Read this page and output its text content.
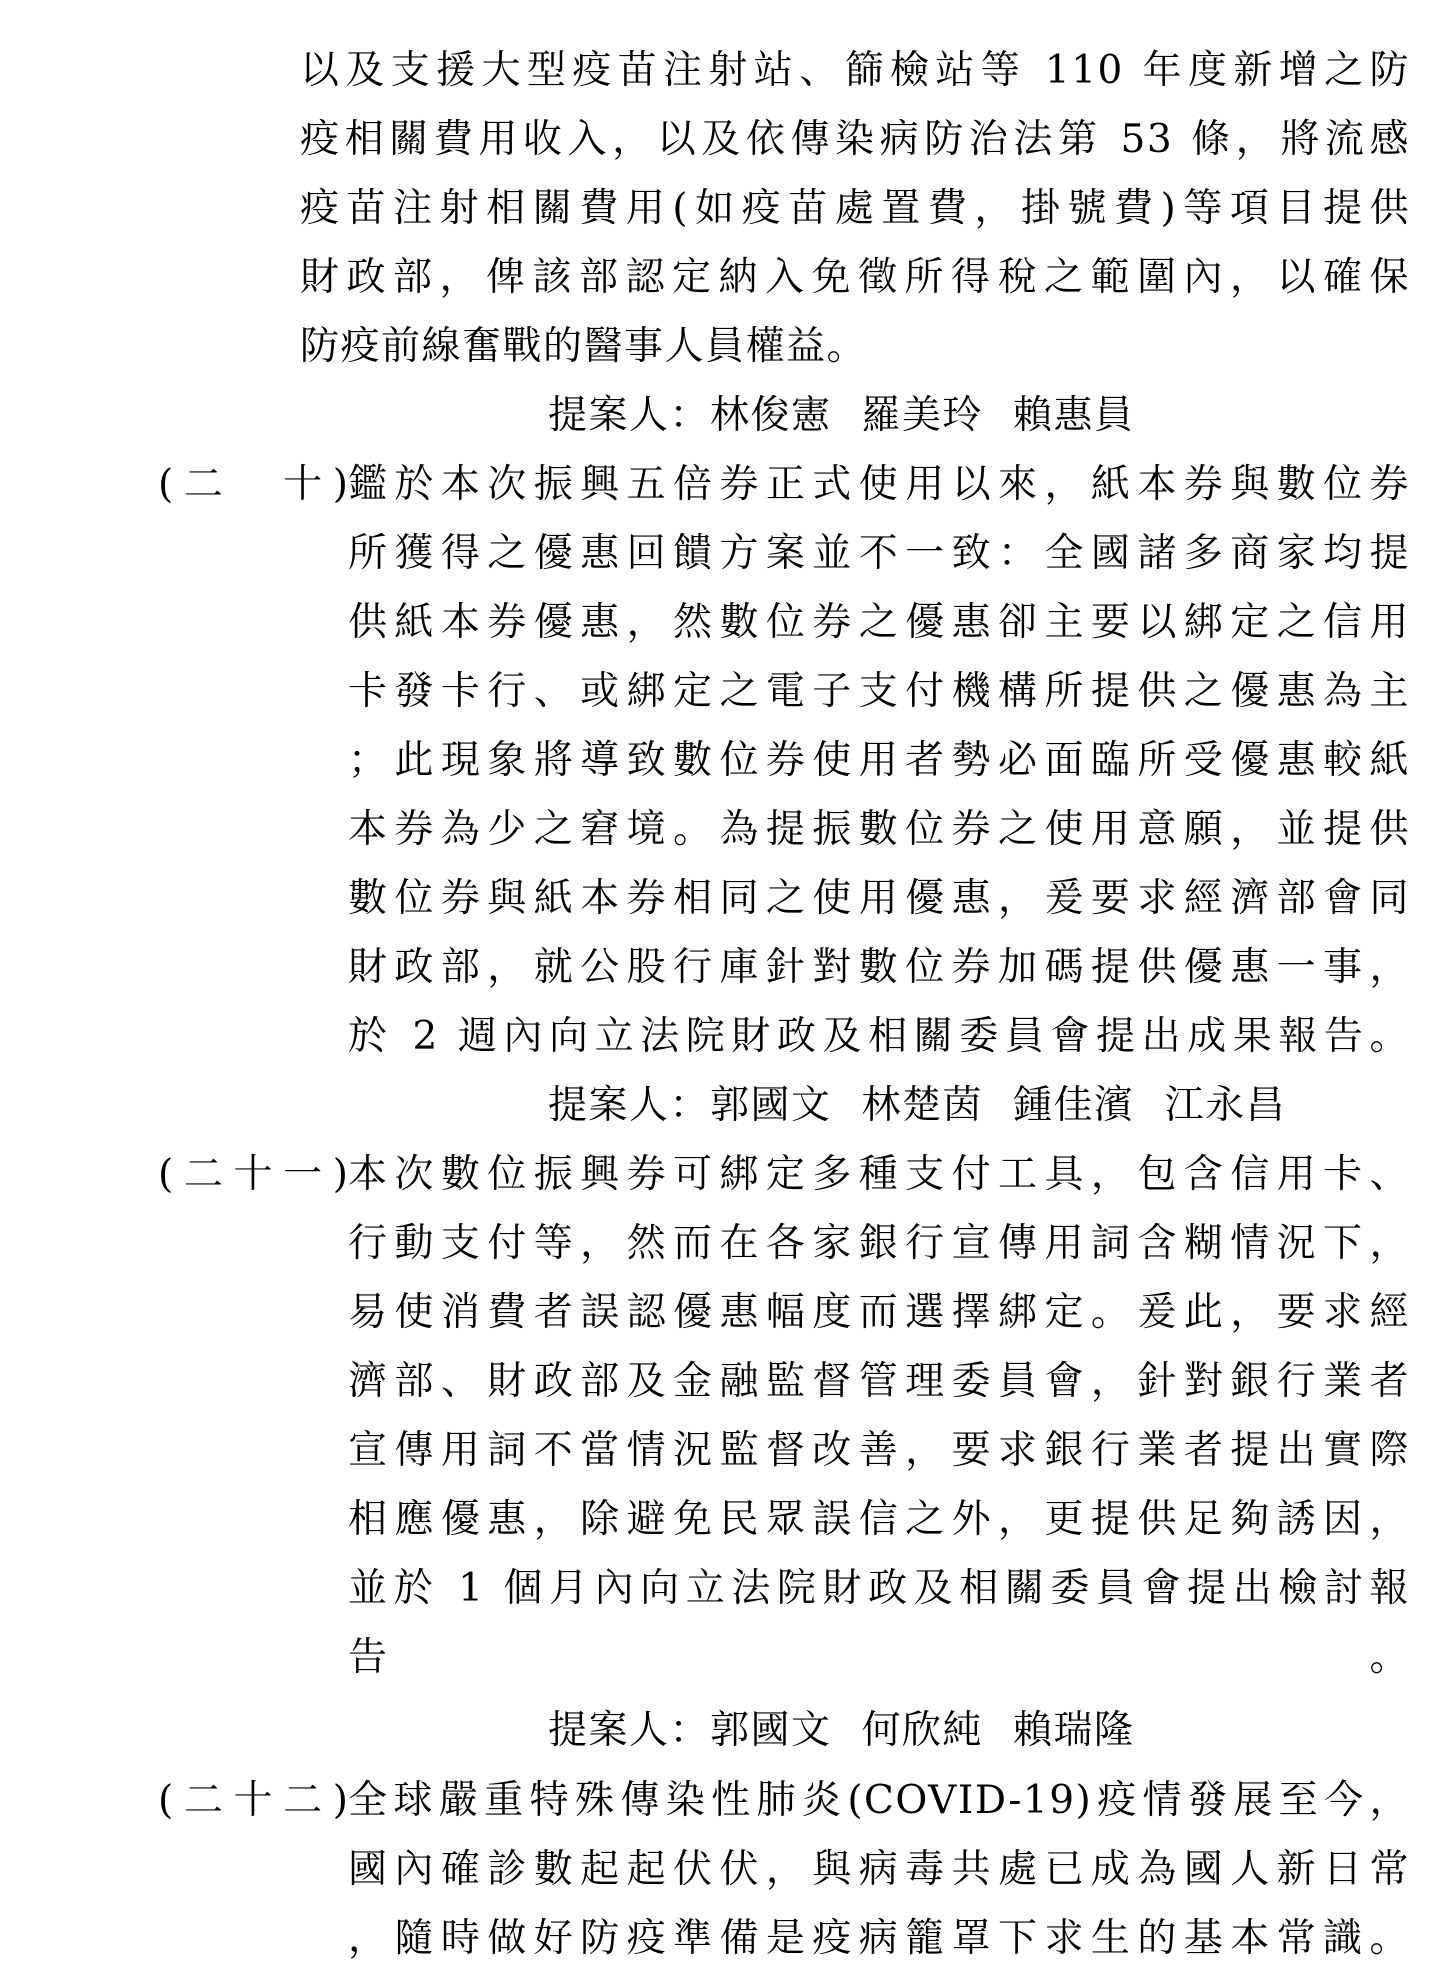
以及支援大型疫苗注射站、篩檢站等 110 年度新增之防
疫相關費用收入，以及依傳染病防治法第 53 條，將流感
疫苗注射相關費用(如疫苗處置費，掛號費)等項目提供
財政部，俾該部認定納入免徵所得稅之範圍內，以確保
防疫前線奮戰的醫事人員權益。
提案人：林俊憲 羅美玲 賴惠員
(二　十) 鑑於本次振興五倍券正式使用以來，紙本券與數位券
所獲得之優惠回饋方案並不一致：全國諸多商家均提
供紙本券優惠，然數位券之優惠卻主要以綁定之信用
卡發卡行、或綁定之電子支付機構所提供之優惠為主
；此現象將導致數位券使用者勢必面臨所受優惠較紙
本券為少之窘境。為提振數位券之使用意願，並提供
數位券與紙本券相同之使用優惠，爰要求經濟部會同
財政部，就公股行庫針對數位券加碼提供優惠一事，
於 2 週內向立法院財政及相關委員會提出成果報告。
提案人：郭國文 林楚茵 鍾佳濱 江永昌
(二十一) 本次數位振興券可綁定多種支付工具，包含信用卡、
行動支付等，然而在各家銀行宣傳用詞含糊情況下，
易使消費者誤認優惠幅度而選擇綁定。爰此，要求經
濟部、財政部及金融監督管理委員會，針對銀行業者
宣傳用詞不當情況監督改善，要求銀行業者提出實際
相應優惠，除避免民眾誤信之外，更提供足夠誘因，
並於 1 個月內向立法院財政及相關委員會提出檢討報
告。
提案人：郭國文 何欣純 賴瑞隆
(二十二) 全球嚴重特殊傳染性肺炎(COVID-19)疫情發展至今，
國內確診數起起伏伏，與病毒共處已成為國人新日常
，隨時做好防疫準備是疫病籠罩下求生的基本常識。
